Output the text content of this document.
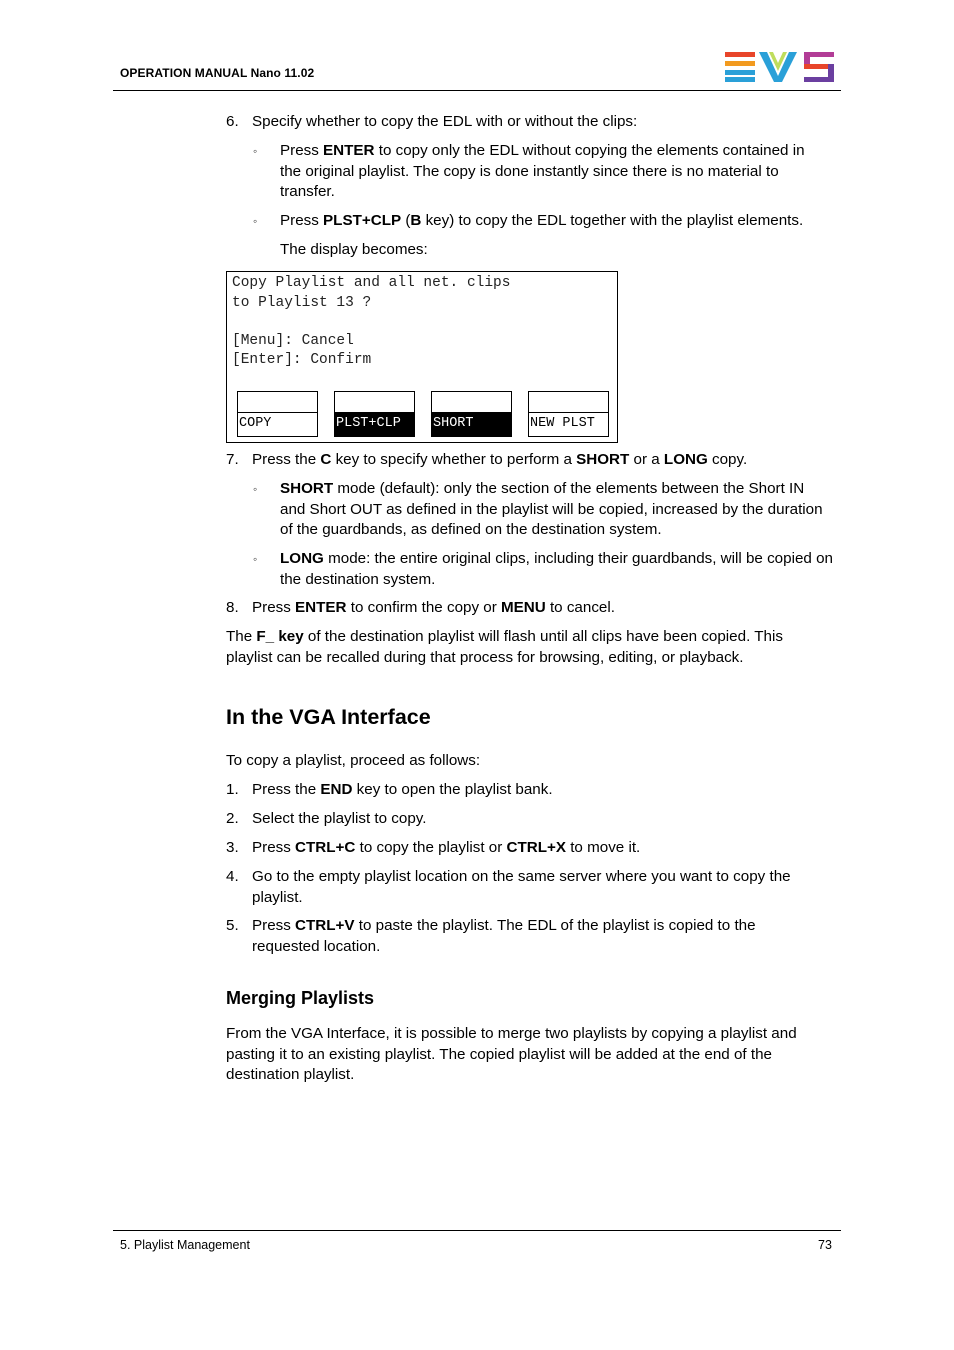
OPERATION MANUAL Nano 11.02
6. Specify whether to copy the EDL with or without the clips:
◦ Press ENTER to copy only the EDL without copying the elements contained in
the original playlist. The copy is done instantly since there is no material to
transfer.
◦ Press PLST+CLP (B key) to copy the EDL together with the playlist elements.
The display becomes:
Copy Playlist and all net. clips
to Playlist 13 ?
[Menu]: Cancel
[Enter]: Confirm
COPY	PLST+CLP	SHORT	NEW PLST
7. Press the C key to specify whether to perform a SHORT or a LONG copy.
◦ SHORT mode (default): only the section of the elements between the Short IN
and Short OUT as defined in the playlist will be copied, increased by the duration
of the guardbands, as defined on the destination system.
◦ LONG mode: the entire original clips, including their guardbands, will be copied on
the destination system.
8. Press ENTER to confirm the copy or MENU to cancel.
The F_ key of the destination playlist will flash until all clips have been copied. This
playlist can be recalled during that process for browsing, editing, or playback.
In the VGA Interface
To copy a playlist, proceed as follows:
1. Press the END key to open the playlist bank.
2. Select the playlist to copy.
3. Press CTRL+C to copy the playlist or CTRL+X to move it.
4. Go to the empty playlist location on the same server where you want to copy the
playlist.
5. Press CTRL+V to paste the playlist. The EDL of the playlist is copied to the
requested location.
Merging Playlists
From the VGA Interface, it is possible to merge two playlists by copying a playlist and
pasting it to an existing playlist. The copied playlist will be added at the end of the
destination playlist.
5. Playlist Management	73
